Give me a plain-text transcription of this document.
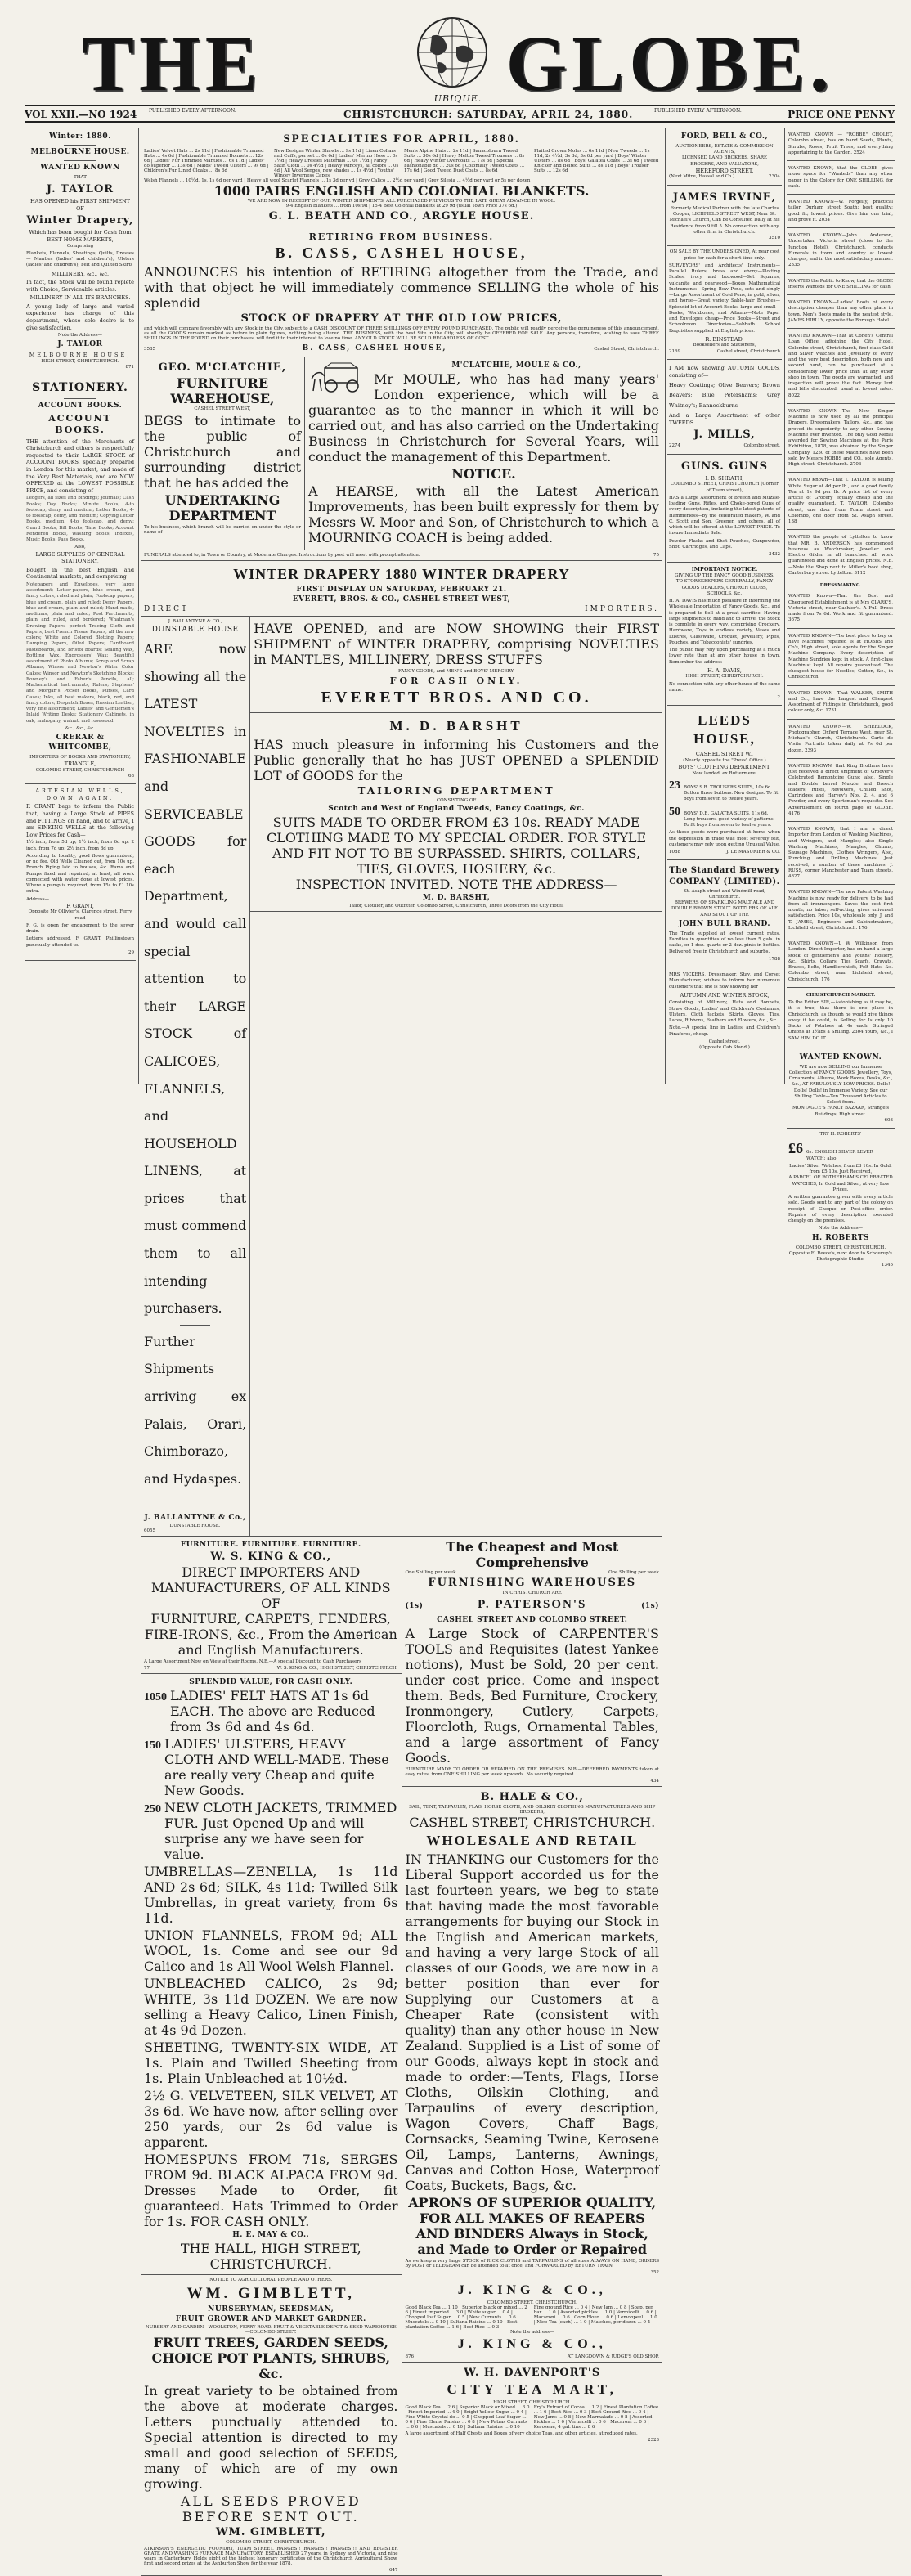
THE	GLOBE.
UBIQUE.
VOL XXII.—NO 1924 PUBLISHED EVERY AFTERNOON.	CHRISTCHURCH: SATURDAY, APRIL 24, 1880.	PUBLISHED EVERY AFTERNOON.	PRICE ONE PENNY
Winter: 1880.
MELBOURNE HOUSE.
WANTED KNOWN
THAT
J. TAYLOR
HAS OPENED his FIRST SHIPMENT OF
Winter Drapery,
Which has been bought for Cash from BEST HOME MARKETS,
Comprising
Blankets, Flannels, Sheetings, Quilts, Dresses — Mantles (ladies' and children's), Ulsters (ladies' and children's), Felt and Quilted Skirts
MILLINERY, &c., &c.
In fact, the Stock will be found replete with Choice, Serviceable articles.
MILLINERY IN ALL ITS BRANCHES.
A young lady of large and varied experience has charge of this department, whose sole desire is to give satisfaction.
Note the Address—
J. TAYLOR
MELBOURNE HOUSE,
HIGH STREET, CHRISTCHURCH.
871
STATIONERY.
ACCOUNT BOOKS.
ACCOUNT BOOKS.
THE attention of the Merchants of Christchurch and others is respectfully requested to their LARGE STOCK of ACCOUNT BOOKS, specially prepared in London for this market, and made of the Very Best Materials, and are NOW OFFERED at the LOWEST POSSIBLE PRICE, and consisting of
Ledgers, all sizes and bindings; Journals; Cash Books; Day Books; Minute Books, 4-to foolscap, demy, and medium; Letter Books, 4-to foolscap, demy, and medium; Copying Letter Books, medium, 4-to foolscap, and demy; Guard Books, Bill Books, Time Books; Account Rendered Books, Washing Books; Indexes, Music Books, Pass Books.
Also,
LARGE SUPPLIES OF GENERAL STATIONERY,
Bought in the best English and Continental markets, and comprising
Notepapers and Envelopes, very large assortment; Letter-papers, blue cream, and fancy colors, ruled and plain; Foolscap papers, blue and cream, plain and ruled; Demy Papers, blue and cream, plain and ruled; Hand made, mediums, plain and ruled; Post Parchments, plain and ruled, and bordered; Whatman's Drawing Papers, perfect Tracing Cloth and Papers, best French Tissue Papers, all the new colors; White and Colored Blotting Papers; Damping Papers, Oiled Papers; Cardboard Pasteboards, and Bristol boards; Sealing Wax, Bottling Wax, Engrossers' Wax; Beautiful assortment of Photo Albums; Scrap and Scrap Albums; Winsor and Newton's Water Color Cakes; Winsor and Newton's Sketching Blocks; Rowney's and Faber's Pencils, all; Mathematical Instruments, Rulers; Stephens' and Morgan's Pocket Books, Purses, Card Cases; Inks, all best makers, black, red, and fancy colors; Despatch Boxes, Russian Leather, very fine assortment; Ladies' and Gentlemen's Inlaid Writing Desks; Stationery Cabinets, in oak, mahogany, walnut, and rosewood.
&c., &c., &c.
CRERAR & WHITCOMBE,
IMPORTERS OF BOOKS AND STATIONERY,
TRIANGLE,
COLOMBO STREET, CHRISTCHURCH
68
ARTESIAN WELLS, DOWN AGAIN.
F. GRANT begs to inform the Public that, having a Large Stock of PIPES and FITTINGS on hand, and to arrive, I am SINKING WELLS at the following Low Prices for Cash—
1½ inch, from 5d up; 1½ inch, from 6d up; 2 inch, from 7d up; 2½ inch, from 8d up.
According to locality, good flows guaranteed, or no fee. Old Wells Cleaned out, from 10s up. Branch Piping laid to houses, &c. Rams and Pumps fixed and repaired; at least, all work connected with water done at lowest prices. Where a pump is required, from 15s to £1 10s extra.
Address—
F. GRANT,
Opposite Mr Ollivier's, Clarence street, Ferry road
F. G. is open for engagement to the sewer drain.
Letters addressed, F. GRANT, Phillipstown punctually attended to.
29
SPECIALITIES FOR APRIL, 1880.
Ladies' Velvet Hats ... 2s 11d | Fashionable Trimmed Hats ... 4s 6d | Fashionable Trimmed Bonnets ... 12s 6d | Ladies' Fur Trimmed Mantles ... 6s 11d | Ladies' do superior ... 13s 6d | Maids' Tweed Ulsters ... 9s 6d | Children's Fur Lined Cloaks ... 8s 6d
New Designs Winter Shawls ... 9s 11d | Linen Collars and Cuffs, per set ... 0s 6d | Ladies' Merino Hose ... 0s 7½d | Heavy Dresses Materials ... 0s 7½d | Fancy Satin Cloth ... 0s 4½d | Heavy Winceys, all colors ... 0s 4d | All Wool Serges, new shades ... 1s 4½d | Youths' Wincey Inverness Capes
Men's Alpine Hats ... 2s 11d | Sanacolburn Tweed Suits ... 30s 6d | Heavy Melton Tweed Trousers ... 8s 6d | Heavy Winter Overcoats ... 17s 6d | Special Fashionable do ... 20s 6d | Colonially Tweed Coats ... 17s 6d | Good Tweed Dust Coats ... 8s 6d
Plaited Crown Moles ... 6s 11d | New Tweeds ... 1s 11d, 2s 4½d, 3s 3d, 3s 6d per yard | Boys' Winter Ulsters ... 8s 6d | Boys' Galatea Coats ... 3s 6d | Tweed Knicker and Belted Suits ... 8s 11d | Boys' Trouser Suits ... 12s 6d
Welsh Flannels ... 10½d, 1s, 1s 6d per yard | Heavy all wool Scarlet Flannels ... 1s 3d per yd | Grey Calico ... 2½d per yard | Grey Silesia ... 4½d per yard or 5s per dozen
1000 PAIRS ENGLISH AND COLONIAL BLANKETS.
WE ARE NOW IN RECEIPT OF OUR WINTER SHIPMENTS, ALL PURCHASED PREVIOUS TO THE LATE GREAT ADVANCE IN WOOL.
9-4 English Blankets ... from 10s 9d | 15-4 Best Colonial Blankets at 29 9d (usual Town Price 37s 6d.)
G. L. BEATH AND CO., ARGYLE HOUSE.
RETIRING FROM BUSINESS.
B. CASS, CASHEL HOUSE,
ANNOUNCES his intention of RETIRING altogether from the Trade, and with that object he will immediately commence SELLING the whole of his splendid
STOCK OF DRAPERY AT THE OLD LOW PRICES,
and which will compare favorably with any Stock in the City, subject to a CASH DISCOUNT OF THREE SHILLINGS OFF EVERY POUND PURCHASED. The public will readily perceive the genuineness of this announcement, as all the GOODS remain marked as before in plain figures, nothing being altered. THE BUSINESS, with the best Site in the City, will shortly be OFFERED FOR SALE. Any persons, therefore, wishing to save THREE SHILLINGS IN THE POUND on their purchases, will find it to their interest to lose no time. ANY OLD STOCK WILL BE SOLD REGARDLESS OF COST.
3585	B. CASS, CASHEL HOUSE,	Cashel Street, Christchurch.
GEO. M'CLATCHIE,
FURNITURE WAREHOUSE,
CASHEL STREET WEST,
BEGS to intimate to the public of Christchurch and surrounding district that he has added the
UNDERTAKING DEPARTMENT
To his business, which branch will be carried on under the style or name of
M'CLATCHIE, MOULE & CO.,
Mr MOULE, who has had many years' London experience, which will be a guarantee as to the manner in which it will be carried out, and has also carried on the Undertaking Business in Christchurch for Several Years, will conduct the management of this Department.
NOTICE.
A HEARSE, with all the Latest American Improvements, has been built expressly for them by Messrs W. Moor and Son, of Christchurch to which a MOURNING COACH is being added.
FUNERALS attended to, in Town or Country, at Moderate Charges. Instructions by post will meet with prompt attention.	75
WINTER DRAPERY 1880 WINTER DRAPERY
FIRST DISPLAY ON SATURDAY, FEBRUARY 21.
EVERETT, BROS. & CO., CASHEL STREET WEST,
DIRECT	IMPORTERS.
J. BALLANTYNE & CO.,
DUNSTABLE HOUSE
ARE now showing all the LATEST NOVELTIES in FASHIONABLE and SERVICEABLE GOODS for each Department, and would call special attention to their LARGE STOCK of CALICOES, FLANNELS, and HOUSEHOLD LINENS, at prices that must commend them to all intending purchasers.
Further Shipments arriving ex Palais, Orari, Chimborazo, and Hydaspes.
J. BALLANTYNE & Co.,
DUNSTABLE HOUSE.
6055
HAVE OPENED, and are NOW SHOWING their FIRST SHIPMENT of WINTER DRAPERY, comprising NOVELTIES in MANTLES, MILLINERY, DRESS STUFFS
FANCY GOODS, and MEN'S and BOYS' MERCERY.
FOR CASH ONLY.
EVERETT BROS. AND CO.
M. D. BARSHT
HAS much pleasure in informing his Customers and the Public generally that he has JUST OPENED a SPLENDID LOT of GOODS for the
TAILORING DEPARTMENT
CONSISTING OF
Scotch and West of England Tweeds, Fancy Coatings, &c.
SUITS MADE TO ORDER FROM £3 10s. READY MADE CLOTHING MADE TO MY SPECIAL ORDER. FOR STYLE AND FIT NOT TO BE SURPASSED. SHIRTS, COLLARS, TIES, GLOVES, HOSIERY, &c.
INSPECTION INVITED. NOTE THE ADDRESS—
M. D. BARSHT,
Tailor, Clothier, and Outfitter, Colombo Street, Christchurch, Three Doors from the City Hotel.
FURNITURE. FURNITURE. FURNITURE.
W. S. KING & CO.,
DIRECT IMPORTERS AND MANUFACTURERS, OF ALL KINDS OF
FURNITURE, CARPETS, FENDERS, FIRE-IRONS, &c., From the American and English Manufacturers.
A Large Assortment Now on View at their Rooms. N.B.—A special Discount to Cash Purchasers
77	W. S. KING & CO., HIGH STREET, CHRISTCHURCH.
SPLENDID VALUE, FOR CASH ONLY.
1050 LADIES' FELT HATS AT 1s 6d EACH. The above are Reduced from 3s 6d and 4s 6d.
150 LADIES' ULSTERS, HEAVY CLOTH AND WELL-MADE. These are really very Cheap and quite New Goods.
250 NEW CLOTH JACKETS, TRIMMED FUR. Just Opened Up and will surprise any we have seen for value.
UMBRELLAS—ZENELLA, 1s 11d AND 2s 6d; SILK, 4s 11d; Twilled Silk Umbrellas, in great variety, from 6s 11d.
UNION FLANNELS, FROM 9d; ALL WOOL, 1s. Come and see our 9d Calico and 1s All Wool Welsh Flannel.
UNBLEACHED CALICO, 2s 9d; WHITE, 3s 11d DOZEN. We are now selling a Heavy Calico, Linen Finish, at 4s 9d Dozen.
SHEETING, TWENTY-SIX WIDE, AT 1s. Plain and Twilled Sheeting from 1s. Plain Unbleached at 10½d.
2½ G. VELVETEEN, SILK VELVET, AT 3s 6d. We have now, after selling over 250 yards, our 2s 6d value is apparent.
HOMESPUNS FROM 71s, SERGES FROM 9d. BLACK ALPACA FROM 9d. Dresses Made to Order, fit guaranteed. Hats Trimmed to Order for 1s. FOR CASH ONLY.
H. E. MAY & CO.,
THE HALL, HIGH STREET, CHRISTCHURCH.
NOTICE TO AGRICULTURAL PEOPLE AND OTHERS.
WM. GIMBLETT,
NURSERYMAN, SEEDSMAN,
FRUIT GROWER AND MARKET GARDNER.
NURSERY AND GARDEN—WOOLSTON, FERRY ROAD. FRUIT & VEGETABLE DEPOT & SEED WAREHOUSE—COLOMBO STREET.
FRUIT TREES, GARDEN SEEDS, CHOICE POT PLANTS, SHRUBS, &c.
In great variety to be obtained from the above at moderate charges. Letters punctually attended to. Special attention is directed to my small and good selection of SEEDS, many of which are of my own growing.
ALL SEEDS PROVED BEFORE SENT OUT.
WM. GIMBLETT,
COLOMBO STREET, CHRISTCHURCH.
ATKINSON'S ENERGETIC FOUNDRY, TUAM STREET. RANGES!! RANGES!! RANGES!!! AND REGISTER GRATE AND WASHING FURNACE MANUFACTORY. ESTABLISHED 27 years, in Sydney and Victoria, and nine years in Canterbury. Holds eight of the highest honorary certificates of the Christchurch Agricultural Show, first and second prizes at the Ashburton Show for the year 1878.
647
The Cheapest and Most Comprehensive
One Shilling per week	One Shilling per week
FURNISHING WAREHOUSES
IN CHRISTCHURCH ARE
(1s)	P. PATERSON'S	(1s)
CASHEL STREET AND COLOMBO STREET.
A Large Stock of CARPENTER'S TOOLS and Requisites (latest Yankee notions), Must be Sold, 20 per cent. under cost price. Come and inspect them. Beds, Bed Furniture, Crockery, Ironmongery, Cutlery, Carpets, Floorcloth, Rugs, Ornamental Tables, and a large assortment of Fancy Goods.
FURNITURE MADE TO ORDER OR REPAIRED ON THE PREMISES. N.B.—DEFERRED PAYMENTS taken at easy rates, from ONE SHILLING per week upwards. No security required.
434
B. HALE & CO.,
SAIL, TENT, TARPAULIN, FLAG, HORSE CLOTH, AND OILSKIN CLOTHING MANUFACTURERS AND SHIP BROKERS,
CASHEL STREET, CHRISTCHURCH.
WHOLESALE AND RETAIL
IN THANKING our Customers for the Liberal Support accorded us for the last fourteen years, we beg to state that having made the most favorable arrangements for buying our Stock in the English and American markets, and having a very large Stock of all classes of our Goods, we are now in a better position than ever for Supplying our Customers at a Cheaper Rate (consistent with quality) than any other house in New Zealand. Supplied is a List of some of our Goods, always kept in stock and made to order:—Tents, Flags, Horse Cloths, Oilskin Clothing, and Tarpaulins of every description, Wagon Covers, Chaff Bags, Cornsacks, Seaming Twine, Kerosene Oil, Lamps, Lanterns, Awnings, Canvas and Cotton Hose, Waterproof Coats, Buckets, Bags, &c.
APRONS OF SUPERIOR QUALITY, FOR ALL MAKES OF REAPERS AND BINDERS Always in Stock, and Made to Order or Repaired
As we keep a very large STOCK of RICK CLOTHS and TARPAULINS of all sizes ALWAYS ON HAND, ORDERS by POST or TELEGRAM can be attended to at once, and FORWARDED by RETURN TRAIN.
352
J. KING & CO.,
COLOMBO STREET, CHRISTCHURCH.
Good Black Tea ... 1 10 | Superior black or mixed ... 2 6 | Finest imported ... 3 0 | White sugar ... 0 4 | Chopped loaf Sugar ... 0 5 | New Currants ... 0 6 | Muscatels ... 0 10 | Sultana Raisins ... 0 10 | Best plantation Coffee ... 1 6 | Best Rice ... 0 3
Fine ground Rice ... 0 4 | New Jam ... 0 8 | Soap, per bar ... 1 0 | Assorted pickles ... 1 0 | Vermicelli ... 0 6 | Macaroni ... 0 6 | Corn Flour ... 0 6 | Lemonpeel ... 1 0 | Nice Tea (each) ... 1 0 | Matches, per dozen ... 0 4
Note the address—
J. KING & CO.,
876	AT LANGDOWN & JUDGE'S OLD SHOP.
W. H. DAVENPORT'S
CITY TEA MART,
HIGH STREET, CHRISTCHURCH.
Good Black Tea ... 2 6 | Superior Black or Mixed ... 3 0 | Finest Imported ... 4 0 | Bright Yellow Sugar ... 0 4 | Fine White Crystal do ... 0 5 | Chopped Loaf Sugar ... 0 6 | Fine Eleme Raisins ... 0 8 | New Patras Currants ... 0 6 | Muscatels ... 0 10 | Sultana Raisins ... 0 10
Fry's Extract of Cocoa ... 1 2 | Finest Plantation Coffee ... 1 6 | Best Rice ... 0 3 | Best Ground Rice ... 0 4 | New Jams ... 0 8 | New Marmalade ... 0 8 | Assorted Pickles ... 1 0 | Vermicelli ... 0 6 | Macaroni ... 0 6 | Kerosene, 4 gal. tins ... 8 6
A large assortment of Half Chests and Boxes of very choice Teas, and other articles, at reduced rates.
2323
FORD, BELL & CO.,
AUCTIONEERS, ESTATE & COMMISSION AGENTS,
LICENSED LAND BROKERS, SHARE BROKERS, AND VALUATORS,
HEREFORD STREET.
(Next Mitre, Hassal and Co.)	2304
JAMES IRVINE,
Formerly Medical Partner with the late Charles Cooper, LICHFIELD STREET WEST, Near St. Michael's Church, Can be Consulted Daily at his Residence from 9 till 5. No connection with any other firm in Christchurch.
3510
ON SALE BY THE UNDERSIGNED, At near cost price for cash for a short time only.
SURVEYORS' and Architects' Instruments—Parallel Rulers, brass and ebony—Plotting Scales, ivory and boxwood—Set Squares, vulcanite and pearwood—Boxes Mathematical Instruments—Spring Bow Pens, sets and singly—Large Assortment of Gold Pens, in gold, silver, and horse—Great variety Sable-hair Brushes—Splendid lot of Account Books, large and small—Desks, Workboxes, and Albums—Note Paper and Envelopes cheap—Price Books—Street and Schoolroom Directories—Sabbath School Requisites supplied at English prices.
R. BINSTEAD,
Booksellers and Stationers,
2169	Cashel street, Christchurch
I AM now showing AUTUMN GOODS, consisting of—
Heavy Coatings; Olive Beavers; Brown Beavers; Blue Petershams; Grey Whitney's; Bannockburns
And a Large Assortment of other TWEEDS.
J. MILLS,
2274	Colombo street.
GUNS. GUNS
I. B. SHRATH,
COLOMBO STREET, CHRISTCHURCH (Corner of Tuam street),
HAS a Large Assortment of Breech and Muzzle-loading Guns, Rifles, and Choke-bored Guns of every description, including the latest patents of Hammerless—by the celebrated makers, W. and C. Scott and Son, Greener, and others, all of which will be offered at the LOWEST PRICE. To insure Immediate Sale.
Powder Flasks and Shot Pouches, Gunpowder, Shot, Cartridges, and Caps.
3432
IMPORTANT NOTICE.
GIVING UP THE FANCY GOOD BUSINESS.
TO STOREKEEPERS GENERALLY, FANCY GOODS DEALERS, CHURCH CLUBS, SCHOOLS, &c.
H. A. DAVIS has much pleasure in informing the Wholesale Importation of Fancy Goods, &c., and is prepared to Sell at a great sacrifice. Having large shipments to hand and to arrive, the Stock is complete in every way, comprising Crockery, Hardware, Toys in endless variety, Vases and Lustres, Glassware, Croquet, Jewellery, Pipes, Pouches, and Tobacconists' sundries.
The public may rely upon purchasing at a much lower rate than at any other house in town. Remember the address—
H. A. DAVIS,
HIGH STREET, CHRISTCHURCH.
No connection with any other house of the same name.
2
LEEDS HOUSE,
CASHEL STREET W.,
(Nearly opposite the "Press" Office.)
BOYS' CLOTHING DEPARTMENT.
Now landed, ex Buttermere,
23 BOYS' S.B. TROUSERS SUITS, 10s 6d. Button three buttons. New designs. To fit boys from seven to twelve years.
50 BOYS' D.B. GALATEA SUITS, 11s 6d. Long trousers, good variety of patterns. To fit boys from seven to twelve years.
As these goods were purchased at home when the depression in trade was most severely felt, customers may rely upon getting Unusual Value.
1088	J. LE MASURIER & CO.
The Standard Brewery COMPANY (LIMITED).
St. Asaph street and Windmill road, Christchurch.
BREWERS OF SPARKLING MALT ALE AND DOUBLE BROWN STOUT. BOTTLERS OF ALE AND STOUT OF THE
JOHN BULL BRAND.
The Trade supplied at lowest current rates. Families in quantities of no less than 5 gals. in casks, or 1 doz. quarts or 2 doz. pints in bottles. Delivered free in Christchurch and suburbs.
1788
MRS VICKERS, Dressmaker, Stay, and Corset Manufacturer, wishes to inform her numerous customers that she is now showing her
AUTUMN AND WINTER STOCK,
Consisting of Millinery, Hats and Bonnets, Straw Goods, Ladies' and Children's Costumes, Ulsters, Cloth Jackets, Skirts, Gloves, Ties, Laces, Ribbons, Feathers and Flowers, &c., &c.
Note.—A special line in Ladies' and Children's Pinafores, cheap.
Cashel street,
(Opposite Cab Stand.)
WANTED KNOWN — "ROBBE" CHOLET, Colombo street, has on hand Seeds, Plants, Shrubs, Roses, Fruit Trees, and everything appertaining to the Garden. 2524
WANTED KNOWN, that the GLOBE gives more space for "Wanteds" than any other paper in the Colony for ONE SHILLING, for cash.
WANTED KNOWN—W. Forgelly, practical tailor, Durham street South; best quality; good fit; lowest prices. Give him one trial, and prove it. 2034
WANTED KNOWN—John Anderson, Undertaker, Victoria street (close to the Junction Hotel), Christchurch, conducts Funerals in town and country at lowest charges, and in the most satisfactory manner. 2335
WANTED the Public to Know, that the GLOBE inserts Wanteds for ONE SHILLING for cash.
WANTED KNOWN—Ladies' Boots of every description cheaper than any other place in town. Men's Boots made in the neatest style. JAMES HIRLLY, opposite the Borough Hotel.
WANTED KNOWN—That at Cohen's Central Loan Office, adjoining the City Hotel, Colombo street, Christchurch, first class Gold and Silver Watches and Jewellery of every and the very best description, both new and second hand, can be purchased at a considerably lower price than at any other shop in town. The goods are warranted; and inspection will prove the fact. Money lent and bills discounted; usual at lowest rates. 8022
WANTED KNOWN—The New Singer Machine is now used by all the principal Drapers, Dressmakers, Tailors, &c., and has proved its superiority to any other Sewing Machine ever invented. The only Gold Medal awarded for Sewing Machines at the Paris Exhibition, 1878, was obtained by the Singer Company. 1250 of these Machines have been sold by Messrs HOBBS and CO., sole Agents, High street, Christchurch. 2706
WANTED Known—That T. TAYLOR is selling White Sugar at 4d per lb., and a good family Tea at 1s 9d per lb. A price list of every article of Grocery equally cheap and the quality guaranteed. T. TAYLOR, Colombo street, one door from Tuam street and Colombo, one door from St. Asaph street. 138
WANTED the people of Lyttelton to know that MR. B. ANDERSON has commenced business as Watchmaker, Jeweller and Electro Gilder in all branches. All work guaranteed and done at English prices. N.B.—Note the Shop next to Miller's boot shop, Canterbury street Lyttelton. 3112
DRESSMAKING.
WANTED Known—That the Bust and Chequered Establishment is at Mrs CLARK'S, Victoria street, near Cashier's. A Full Dress made from 7s 6d. Work and fit guaranteed. 3675
WANTED KNOWN—The best place to buy or have Machines repaired is at HOBBS and Co's, High street, sole agents for the Singer Machine Company. Every description of Machine Sundries kept in stock. A first-class Machinist kept. All repairs guaranteed. The cheapest house for Needles, Cotton, &c., in Christchurch.
WANTED KNOWN—That WALKER, SMITH and Co., have the Largest and Cheapest Assortment of Fittings in Christchurch, good colour only, &c. 1731
WANTED KNOWN—W. SHERLOCK, Photographer, Oxford Terrace West, near St. Michael's Church, Christchurch. Carte de Visite Portraits taken daily at 7s 6d per dozen. 2393
WANTED KNOWN, that King Brothers have just received a direct shipment of Groover's Celebrated Remontoire Guns; also, Single and Double barrel Muzzle and Breech loaders, Rifles, Revolvers, Chilled Shot, Cartridges and Harvey's Nos. 2, 4, and 6 Powder, and every Sportsman's requisite. See Advertisement on fourth page of GLOBE. 4176
WANTED KNOWN, that I am a direct Importer from London of Washing Machines, and Wringers, and Mangles; also Single Washing Machines, Mangles, Churns, Sausage Machines, Clothes Wringers, Also, Punching and Drilling Machines. Just received, a number of these machines. J. RUSS, corner Manchester and Tuam streets. 4827
WANTED KNOWN—The new Patent Washing Machine is now ready for delivery, to be had from all ironmongers. Saves the cost first month; no labor; self-acting; gives universal satisfaction. Price 10s, wholesale only. J. and T. JAMES, Engineers and Cabinetmakers, Lichfield street, Christchurch. 176
WANTED KNOWN—J. W. Wilkinson from London, Direct Importer, has on hand a large stock of gentlemen's and youths' Hosiery, &c., Shirts, Collars, Ties Scarfs, Cravats, Braces, Belts, Handkerchiefs, Felt Hats, &c. Colombo street, near Lichfield street, Christchurch. 176
CHRISTCHURCH MARKET.
To the Editor. SIR,—Astonishing as it may be, it is true, that there is one place in Christchurch, as though he would give things away if he could, is Selling for Is only 10 Sacks of Potatoes at 4s each; Stringed Onions at 1½lbs a Shilling. 2304 Yours, &c., I SAW HIM DO IT.
WANTED KNOWN.
WE are now SELLING our Immense Collection of FANCY GOODS, Jewellery, Toys, Ornaments, Albums, Work Boxes, Desks, &c., &c., AT FABULOUSLY LOW PRICES. Dolls! Dolls! Dolls! in Immense Variety. See our Shilling Table—Ten Thousand Articles to Select from.
MONTAGUE'S FANCY BAZAAR, Strange's Buildings, High street.
603
TRY H. ROBERTS'
£6 6s. ENGLISH SILVER LEVER WATCH; also,
Ladies' Silver Watches, from £3 10s. In Gold, from £5 10s. Just Received,
A PARCEL OF ROTHERHAM'S CELEBRATED WATCHES, In Gold and Silver, at very Low Prices.
A written guarantee given with every article sold. Goods sent to any part of the colony on receipt of Cheque or Post-office order. Repairs of every description executed cheaply on the premises.
Note the Address—
H. ROBERTS
COLOMBO STREET, CHRISTCHURCH. Opposite E. Reece's, next door to Schourup's Photographic Studio.
1345
